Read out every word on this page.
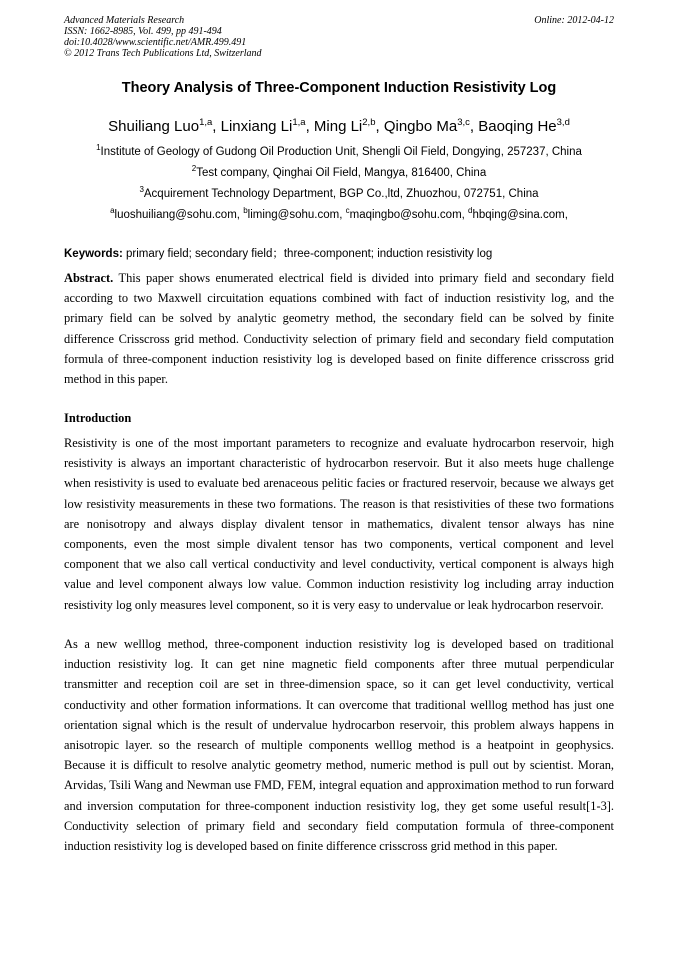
Advanced Materials Research
ISSN: 1662-8985, Vol. 499, pp 491-494
doi:10.4028/www.scientific.net/AMR.499.491
© 2012 Trans Tech Publications Ltd, Switzerland
Online: 2012-04-12
Theory Analysis of Three-Component Induction Resistivity Log
Shuiliang Luo$^{1,a}$, Linxiang Li$^{1,a}$, Ming Li$^{2,b}$, Qingbo Ma$^{3,c}$, Baoqing He$^{3,d}$
$^1$Institute of Geology of Gudong Oil Production Unit, Shengli Oil Field, Dongying, 257237, China
$^2$Test company, Qinghai Oil Field, Mangya, 816400, China
$^3$Acquirement Technology Department, BGP Co.,ltd, Zhuozhou, 072751, China
$^a$luoshuiliang@sohu.com, $^b$liming@sohu.com, $^c$maqingbo@sohu.com, $^d$hbqing@sina.com,
Keywords: primary field; secondary field；three-component; induction resistivity log
Abstract. This paper shows enumerated electrical field is divided into primary field and secondary field according to two Maxwell circuitation equations combined with fact of induction resistivity log, and the primary field can be solved by analytic geometry method, the secondary field can be solved by finite difference Crisscross grid method. Conductivity selection of primary field and secondary field computation formula of three-component induction resistivity log is developed based on finite difference crisscross grid method in this paper.
Introduction
Resistivity is one of the most important parameters to recognize and evaluate hydrocarbon reservoir, high resistivity is always an important characteristic of hydrocarbon reservoir. But it also meets huge challenge when resistivity is used to evaluate bed arenaceous pelitic facies or fractured reservoir, because we always get low resistivity measurements in these two formations. The reason is that resistivities of these two formations are nonisotropy and always display divalent tensor in mathematics, divalent tensor always has nine components, even the most simple divalent tensor has two components, vertical component and level component that we also call vertical conductivity and level conductivity, vertical component is always high value and level component always low value. Common induction resistivity log including array induction resistivity log only measures level component, so it is very easy to undervalue or leak hydrocarbon reservoir.
As a new welllog method, three-component induction resistivity log is developed based on traditional induction resistivity log. It can get nine magnetic field components after three mutual perpendicular transmitter and reception coil are set in three-dimension space, so it can get level conductivity, vertical conductivity and other formation informations. It can overcome that traditional welllog method has just one orientation signal which is the result of undervalue hydrocarbon reservoir, this problem always happens in anisotropic layer. so the research of multiple components welllog method is a heatpoint in geophysics. Because it is difficult to resolve analytic geometry method, numeric method is pull out by scientist. Moran, Arvidas, Tsili Wang and Newman use FMD, FEM, integral equation and approximation method to run forward and inversion computation for three-component induction resistivity log, they get some useful result[1-3]. Conductivity selection of primary field and secondary field computation formula of three-component induction resistivity log is developed based on finite difference crisscross grid method in this paper.
